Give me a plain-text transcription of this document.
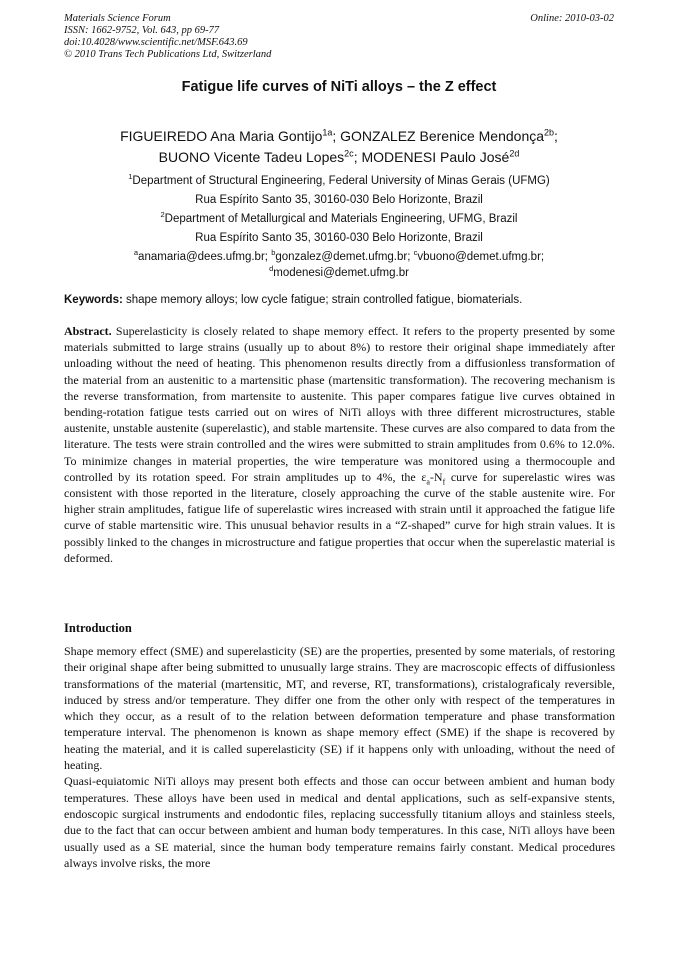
Materials Science Forum
ISSN: 1662-9752, Vol. 643, pp 69-77
doi:10.4028/www.scientific.net/MSF.643.69
© 2010 Trans Tech Publications Ltd, Switzerland
Online: 2010-03-02
Fatigue life curves of NiTi alloys – the Z effect
FIGUEIREDO Ana Maria Gontijo$^{1a}$; GONZALEZ Berenice Mendonça$^{2b}$;
BUONO Vicente Tadeu Lopes$^{2c}$; MODENESI Paulo José$^{2d}$
$^1$Department of Structural Engineering, Federal University of Minas Gerais (UFMG)
Rua Espírito Santo 35, 30160-030 Belo Horizonte, Brazil
$^2$Department of Metallurgical and Materials Engineering, UFMG, Brazil
Rua Espírito Santo 35, 30160-030 Belo Horizonte, Brazil
$^a$anamaria@dees.ufmg.br; $^b$gonzalez@demet.ufmg.br; $^c$vbuono@demet.ufmg.br;
$^d$modenesi@demet.ufmg.br
Keywords: shape memory alloys; low cycle fatigue; strain controlled fatigue, biomaterials.
Abstract. Superelasticity is closely related to shape memory effect. It refers to the property presented by some materials submitted to large strains (usually up to about 8%) to restore their original shape immediately after unloading without the need of heating. This phenomenon results directly from a diffusionless transformation of the material from an austenitic to a martensitic phase (martensitic transformation). The recovering mechanism is the reverse transformation, from martensite to austenite. This paper compares fatigue live curves obtained in bending-rotation fatigue tests carried out on wires of NiTi alloys with three different microstructures, stable austenite, unstable austenite (superelastic), and stable martensite. These curves are also compared to data from the literature. The tests were strain controlled and the wires were submitted to strain amplitudes from 0.6% to 12.0%. To minimize changes in material properties, the wire temperature was monitored using a thermocouple and controlled by its rotation speed. For strain amplitudes up to 4%, the $\varepsilon_a-N_f$ curve for superelastic wires was consistent with those reported in the literature, closely approaching the curve of the stable austenite wire. For higher strain amplitudes, fatigue life of superelastic wires increased with strain until it approached the fatigue life curve of stable martensitic wire. This unusual behavior results in a “Z-shaped” curve for high strain values. It is possibly linked to the changes in microstructure and fatigue properties that occur when the superelastic material is deformed.
Introduction

Shape memory effect (SME) and superelasticity (SE) are the properties, presented by some materials, of restoring their original shape after being submitted to unusually large strains. They are macroscopic effects of diffusionless transformations of the material (martensitic, MT, and reverse, RT, transformations), cristalograficaly reversible, induced by stress and/or temperature. They differ one from the other only with respect of the temperatures in which they occur, as a result of to the relation between deformation temperature and phase transformation temperature interval. The phenomenon is known as shape memory effect (SME) if the shape is recovered by heating the material, and it is called superelasticity (SE) if it happens only with unloading, without the need of heating.

Quasi-equiatomic NiTi alloys may present both effects and those can occur between ambient and human body temperatures. These alloys have been used in medical and dental applications, such as self-expansive stents, endoscopic surgical instruments and endodontic files, replacing successfully titanium alloys and stainless steels, due to the fact that can occur between ambient and human body temperatures. In this case, NiTi alloys have been usually used as a SE material, since the human body temperature remains fairly constant. Medical procedures always involve risks, the more
